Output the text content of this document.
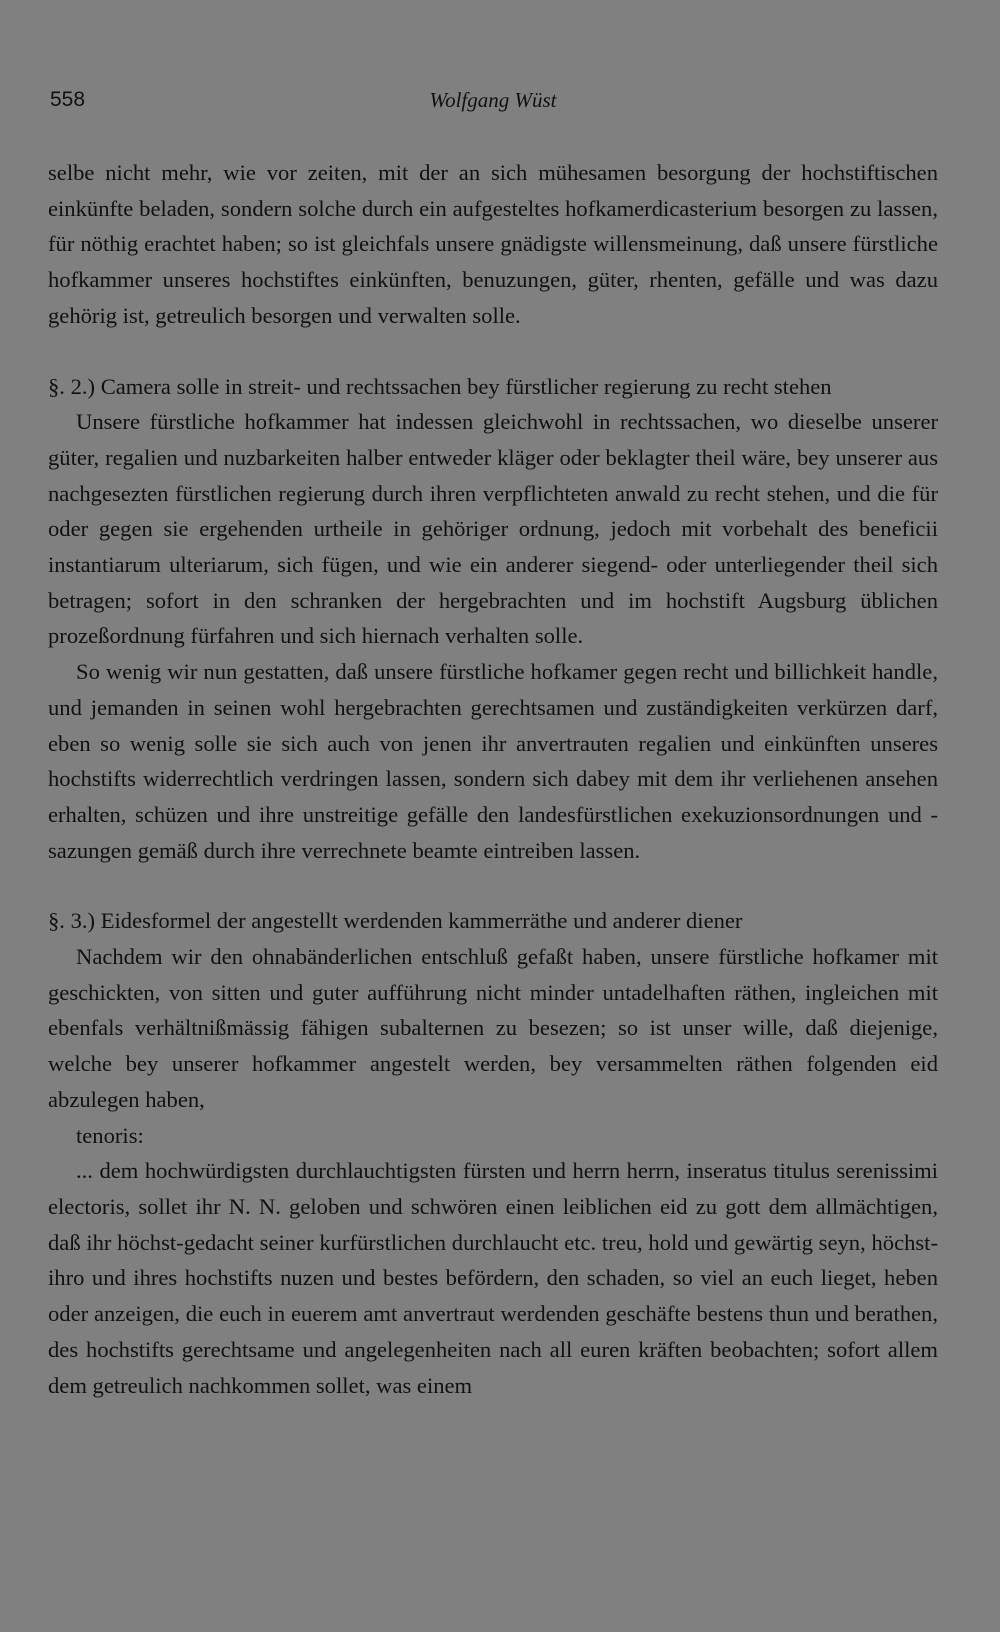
558	Wolfgang Wüst

selbe nicht mehr, wie vor zeiten, mit der an sich mühesamen besorgung der hochstiftischen einkünfte beladen, sondern solche durch ein aufgesteltes hofkamerdicasterium besorgen zu lassen, für nöthig erachtet haben; so ist gleichfals unsere gnädigste willensmeinung, daß unsere fürstliche hofkammer unseres hochstiftes einkünften, benuzungen, güter, rhenten, gefälle und was dazu gehörig ist, getreulich besorgen und verwalten solle.

§. 2.) Camera solle in streit- und rechtssachen bey fürstlicher regierung zu recht stehen

Unsere fürstliche hofkammer hat indessen gleichwohl in rechtssachen, wo dieselbe unserer güter, regalien und nuzbarkeiten halber entweder kläger oder beklagter theil wäre, bey unserer aus nachgesezten fürstlichen regierung durch ihren verpflichteten anwald zu recht stehen, und die für oder gegen sie ergehenden urtheile in gehöriger ordnung, jedoch mit vorbehalt des beneficii instantiarum ulteriarum, sich fügen, und wie ein anderer siegend- oder unterliegender theil sich betragen; sofort in den schranken der hergebrachten und im hochstift Augsburg üblichen prozeßordnung fürfahren und sich hiernach verhalten solle.

So wenig wir nun gestatten, daß unsere fürstliche hofkamer gegen recht und billichkeit handle, und jemanden in seinen wohl hergebrachten gerechtsamen und zuständigkeiten verkürzen darf, eben so wenig solle sie sich auch von jenen ihr anvertrauten regalien und einkünften unseres hochstifts widerrechtlich verdringen lassen, sondern sich dabey mit dem ihr verliehenen ansehen erhalten, schüzen und ihre unstreitige gefälle den landesfürstlichen exekuzionsordnungen und -sazungen gemäß durch ihre verrechnete beamte eintreiben lassen.

§. 3.) Eidesformel der angestellt werdenden kammerräthe und anderer diener

Nachdem wir den ohnabänderlichen entschluß gefaßt haben, unsere fürstliche hofkamer mit geschickten, von sitten und guter aufführung nicht minder untadelhaften räthen, ingleichen mit ebenfals verhältnißmässig fähigen subalternen zu besezen; so ist unser wille, daß diejenige, welche bey unserer hofkammer angestelt werden, bey versammelten räthen folgenden eid abzulegen haben,

tenoris:

... dem hochwürdigsten durchlauchtigsten fürsten und herrn herrn, inseratus titulus serenissimi electoris, sollet ihr N. N. geloben und schwören einen leiblichen eid zu gott dem allmächtigen, daß ihr höchst-gedacht seiner kurfürstlichen durchlaucht etc. treu, hold und gewärtig seyn, höchst-ihro und ihres hochstifts nuzen und bestes befördern, den schaden, so viel an euch lieget, heben oder anzeigen, die euch in euerem amt anvertraut werdenden geschäfte bestens thun und berathen, des hochstifts gerechtsame und angelegenheiten nach all euren kräften beobachten; sofort allem dem getreulich nachkommen sollet, was einem
